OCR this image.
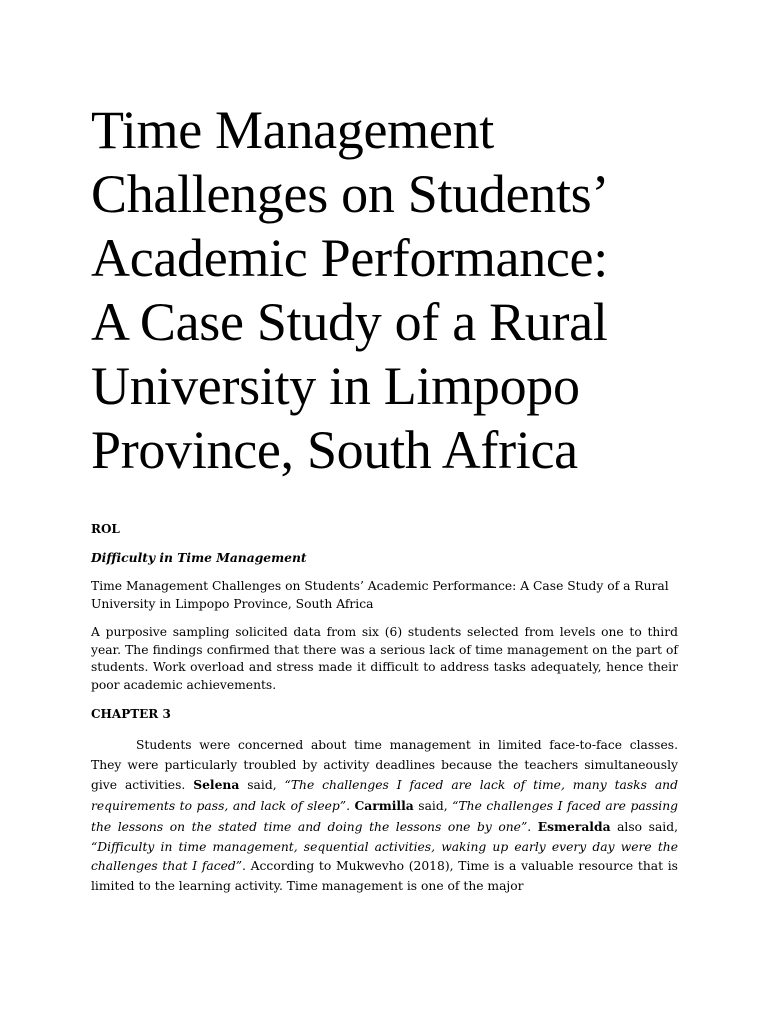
Time Management
Challenges on Students’
Academic Performance:
A Case Study of a Rural
University in Limpopo
Province, South Africa

ROL

Difficulty in Time Management

Time Management Challenges on Students’ Academic Performance: A Case Study of a Rural University in Limpopo Province, South Africa

A purposive sampling solicited data from six (6) students selected from levels one to third year. The findings confirmed that there was a serious lack of time management on the part of students. Work overload and stress made it difficult to address tasks adequately, hence their poor academic achievements.

CHAPTER 3

Students were concerned about time management in limited face-to-face classes. They were particularly troubled by activity deadlines because the teachers simultaneously give activities. Selena said, “The challenges I faced are lack of time, many tasks and requirements to pass, and lack of sleep”. Carmilla said, “The challenges I faced are passing the lessons on the stated time and doing the lessons one by one”. Esmeralda also said, “Difficulty in time management, sequential activities, waking up early every day were the challenges that I faced”. According to Mukwevho (2018), Time is a valuable resource that is limited to the learning activity. Time management is one of the major
